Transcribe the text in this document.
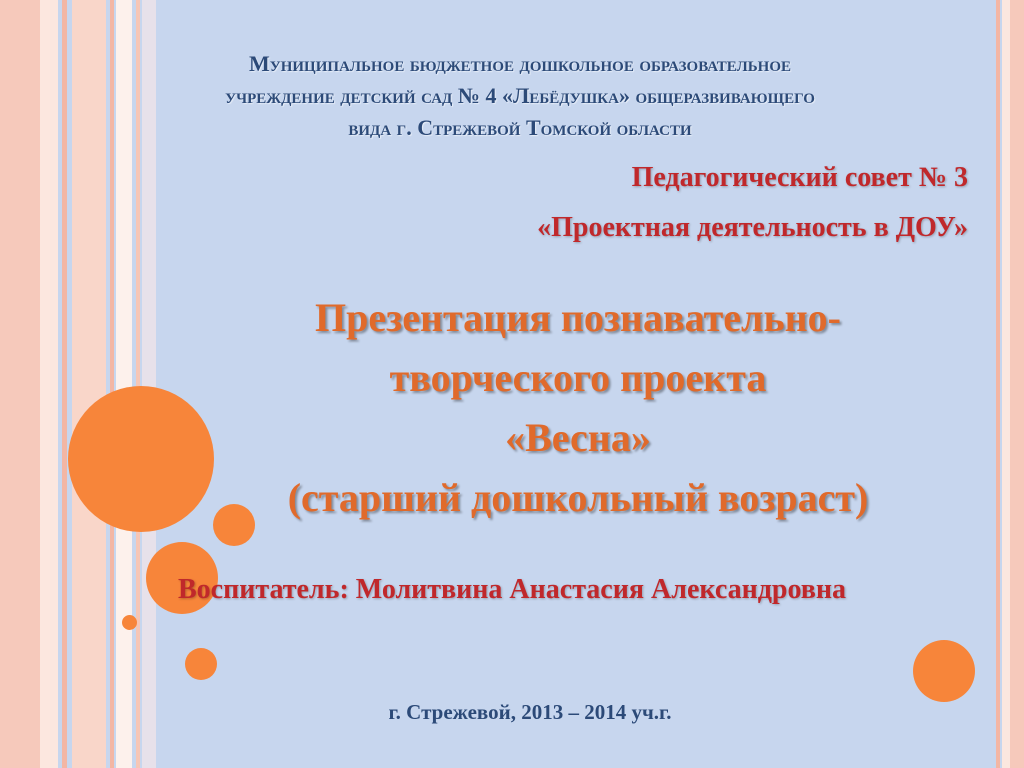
Муниципальное бюджетное дошкольное образовательное
учреждение детский сад № 4 «Лебёдушка» общеразвивающего
вида г. Стрежевой Томской области
Педагогический совет № 3
«Проектная деятельность в ДОУ»
Презентация познавательно-
творческого проекта
«Весна»
(старший дошкольный возраст)
Воспитатель: Молитвина Анастасия Александровна
г. Стрежевой, 2013 – 2014 уч.г.
